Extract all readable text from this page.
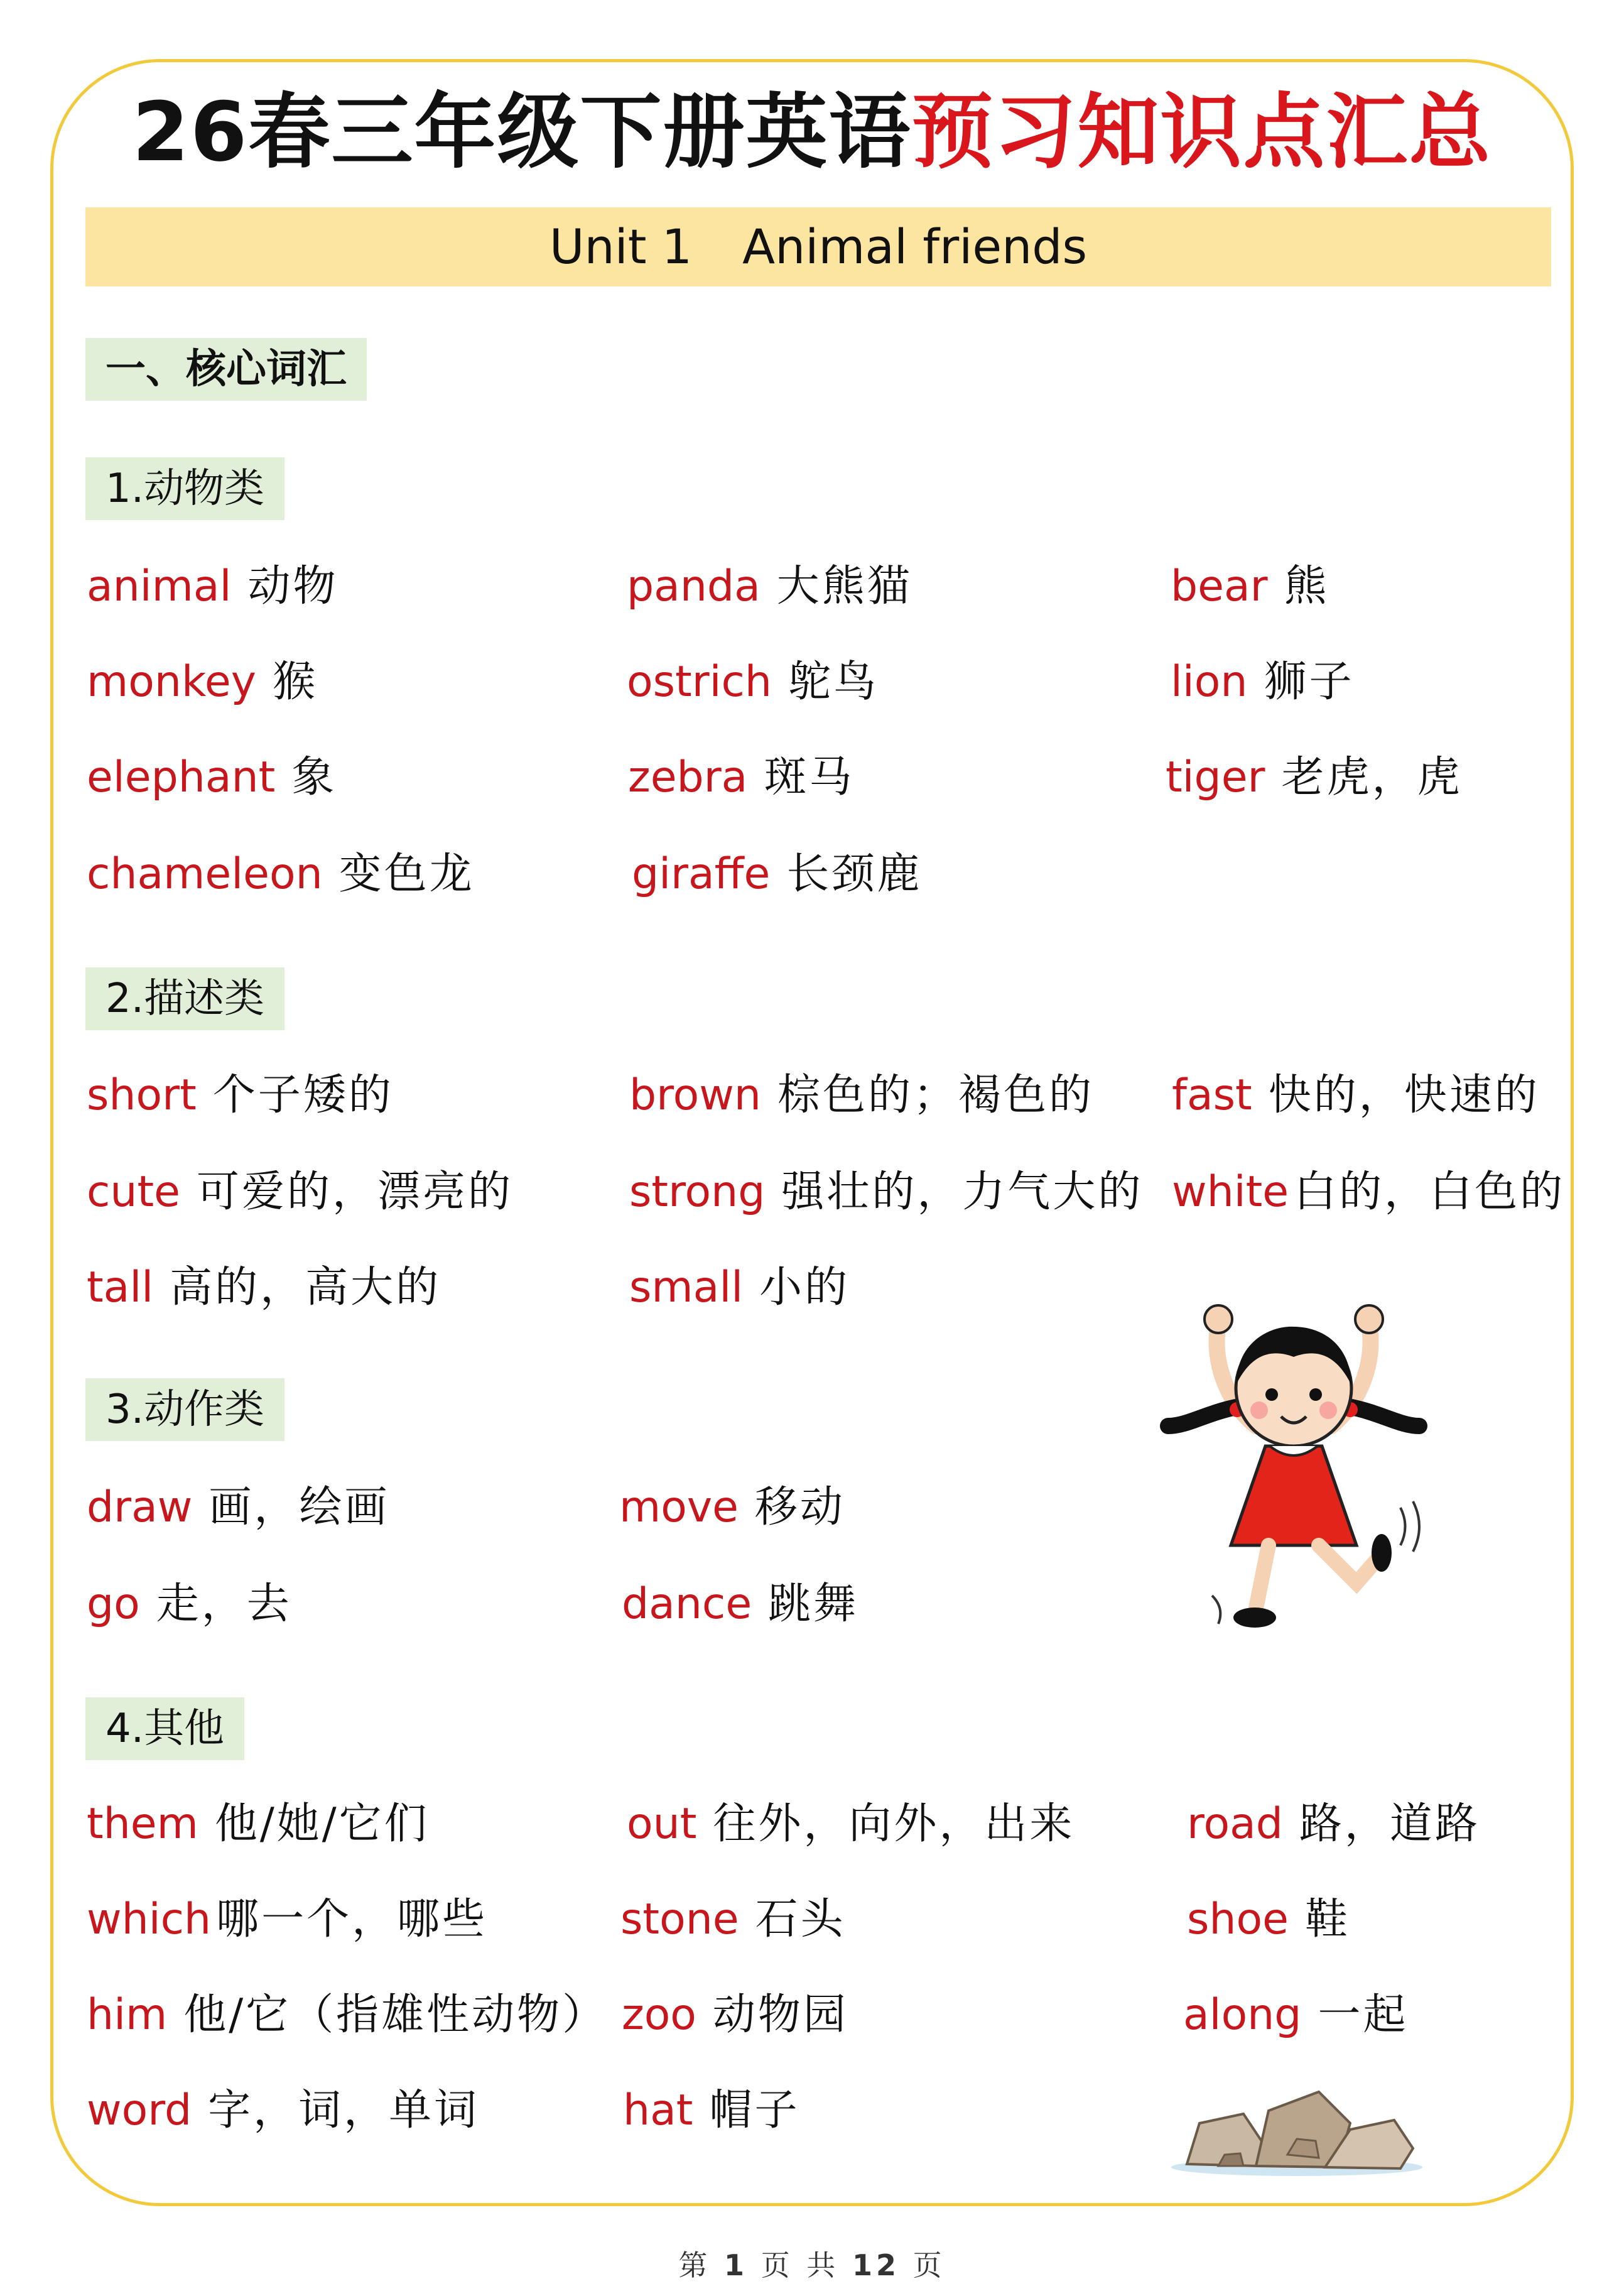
26春三年级下册英语预习知识点汇总
Unit 1 Animal friends
一、核心词汇
1.动物类
animal 动物	panda 大熊猫	bear 熊
monkey 猴	ostrich 鸵鸟	lion 狮子
elephant 象	zebra 斑马	tiger 老虎，虎
chameleon 变色龙	giraffe 长颈鹿
2.描述类
short 个子矮的	brown 棕色的；褐色的 fast 快的，快速的
cute 可爱的，漂亮的	strong 强壮的，力气大的 white 白的，白色的
tall 高的，高大的	small 小的
3.动作类
draw 画，绘画	move 移动
go 走，去	dance 跳舞
4.其他
them 他/她/它们	out 往外，向外，出来	road 路，道路
which 哪一个，哪些	stone 石头	shoe 鞋
him 他/它（指雄性动物） zoo 动物园	along 一起
word 字，词，单词	hat 帽子
第 1 页 共 12 页
